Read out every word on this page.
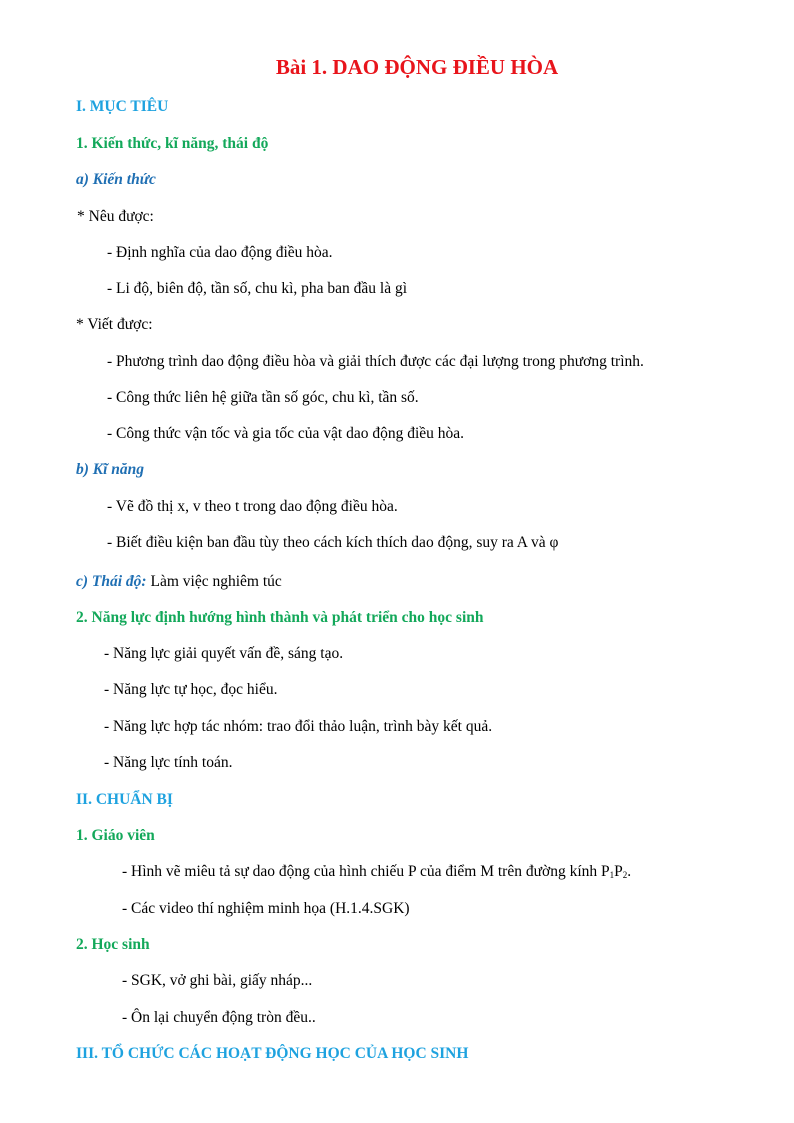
Bài 1. DAO ĐỘNG ĐIỀU HÒA
I. MỤC TIÊU
1. Kiến thức, kĩ năng, thái độ
a) Kiến thức
* Nêu được:
- Định nghĩa của dao động điều hòa.
- Li độ, biên độ, tần số, chu kì, pha ban đầu là gì
* Viết được:
- Phương trình dao động điều hòa và giải thích được các đại lượng trong phương trình.
- Công thức liên hệ giữa tần số góc, chu kì, tần số.
- Công thức vận tốc và gia tốc của vật dao động điều hòa.
b) Kĩ năng
- Vẽ đồ thị x, v theo t trong dao động điều hòa.
- Biết điều kiện ban đầu tùy theo cách kích thích dao động, suy ra A và φ
c) Thái độ: Làm việc nghiêm túc
2. Năng lực định hướng hình thành và phát triển cho học sinh
- Năng lực giải quyết vấn đề, sáng tạo.
- Năng lực tự học, đọc hiểu.
- Năng lực hợp tác nhóm: trao đổi thảo luận, trình bày kết quả.
- Năng lực tính toán.
II. CHUẨN BỊ
1. Giáo viên
- Hình vẽ miêu tả sự dao động của hình chiếu P của điểm M trên đường kính $P_1P_2$.
- Các video thí nghiệm minh họa (H.1.4.SGK)
2. Học sinh
- SGK, vở ghi bài, giấy nháp...
- Ôn lại chuyển động tròn đều..
III. TỔ CHỨC CÁC HOẠT ĐỘNG HỌC CỦA HỌC SINH
